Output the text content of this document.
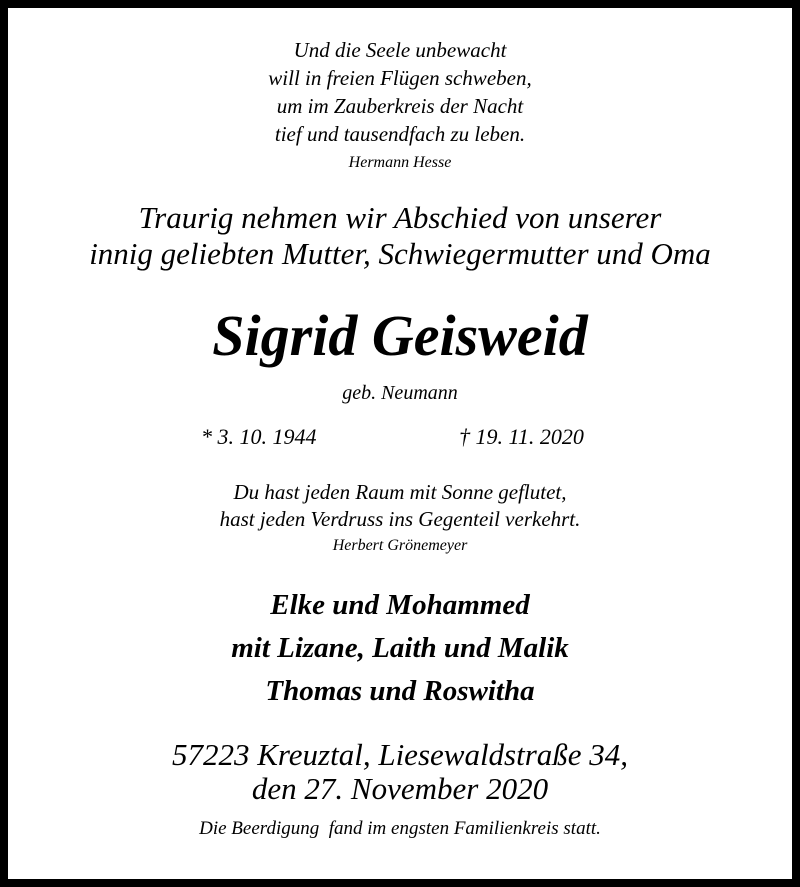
Und die Seele unbewacht
will in freien Flügen schweben,
um im Zauberkreis der Nacht
tief und tausendfach zu leben.
Hermann Hesse
Traurig nehmen wir Abschied von unserer
innig geliebten Mutter, Schwiegermutter und Oma
Sigrid Geisweid
geb. Neumann
* 3. 10. 1944	† 19. 11. 2020
Du hast jeden Raum mit Sonne geflutet,
hast jeden Verdruss ins Gegenteil verkehrt.
Herbert Grönemeyer
Elke und Mohammed
mit Lizane, Laith und Malik
Thomas und Roswitha
57223 Kreuztal, Liesewaldstraße 34,
den 27. November 2020
Die Beerdigung  fand im engsten Familienkreis statt.
